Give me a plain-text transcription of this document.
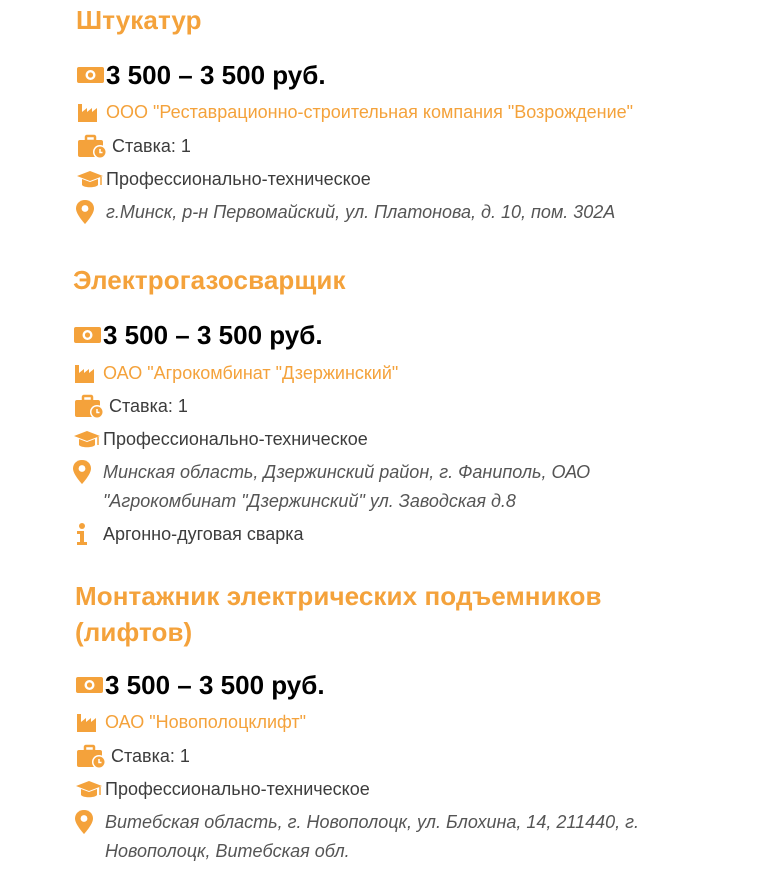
Штукатур
3 500 – 3 500 руб.
ООО "Реставрационно-строительная компания "Возрождение"
Ставка: 1
Профессионально-техническое
г.Минск, р-н Первомайский, ул. Платонова, д. 10, пом. 302А
Электрогазосварщик
3 500 – 3 500 руб.
ОАО "Агрокомбинат "Дзержинский"
Ставка: 1
Профессионально-техническое
Минская область, Дзержинский район, г. Фаниполь, ОАО
"Агрокомбинат "Дзержинский" ул. Заводская д.8
Аргонно-дуговая сварка
Монтажник электрических подъемников
(лифтов)
3 500 – 3 500 руб.
ОАО "Новополоцклифт"
Ставка: 1
Профессионально-техническое
Витебская область, г. Новополоцк, ул. Блохина, 14, 211440, г.
Новополоцк, Витебская обл.
